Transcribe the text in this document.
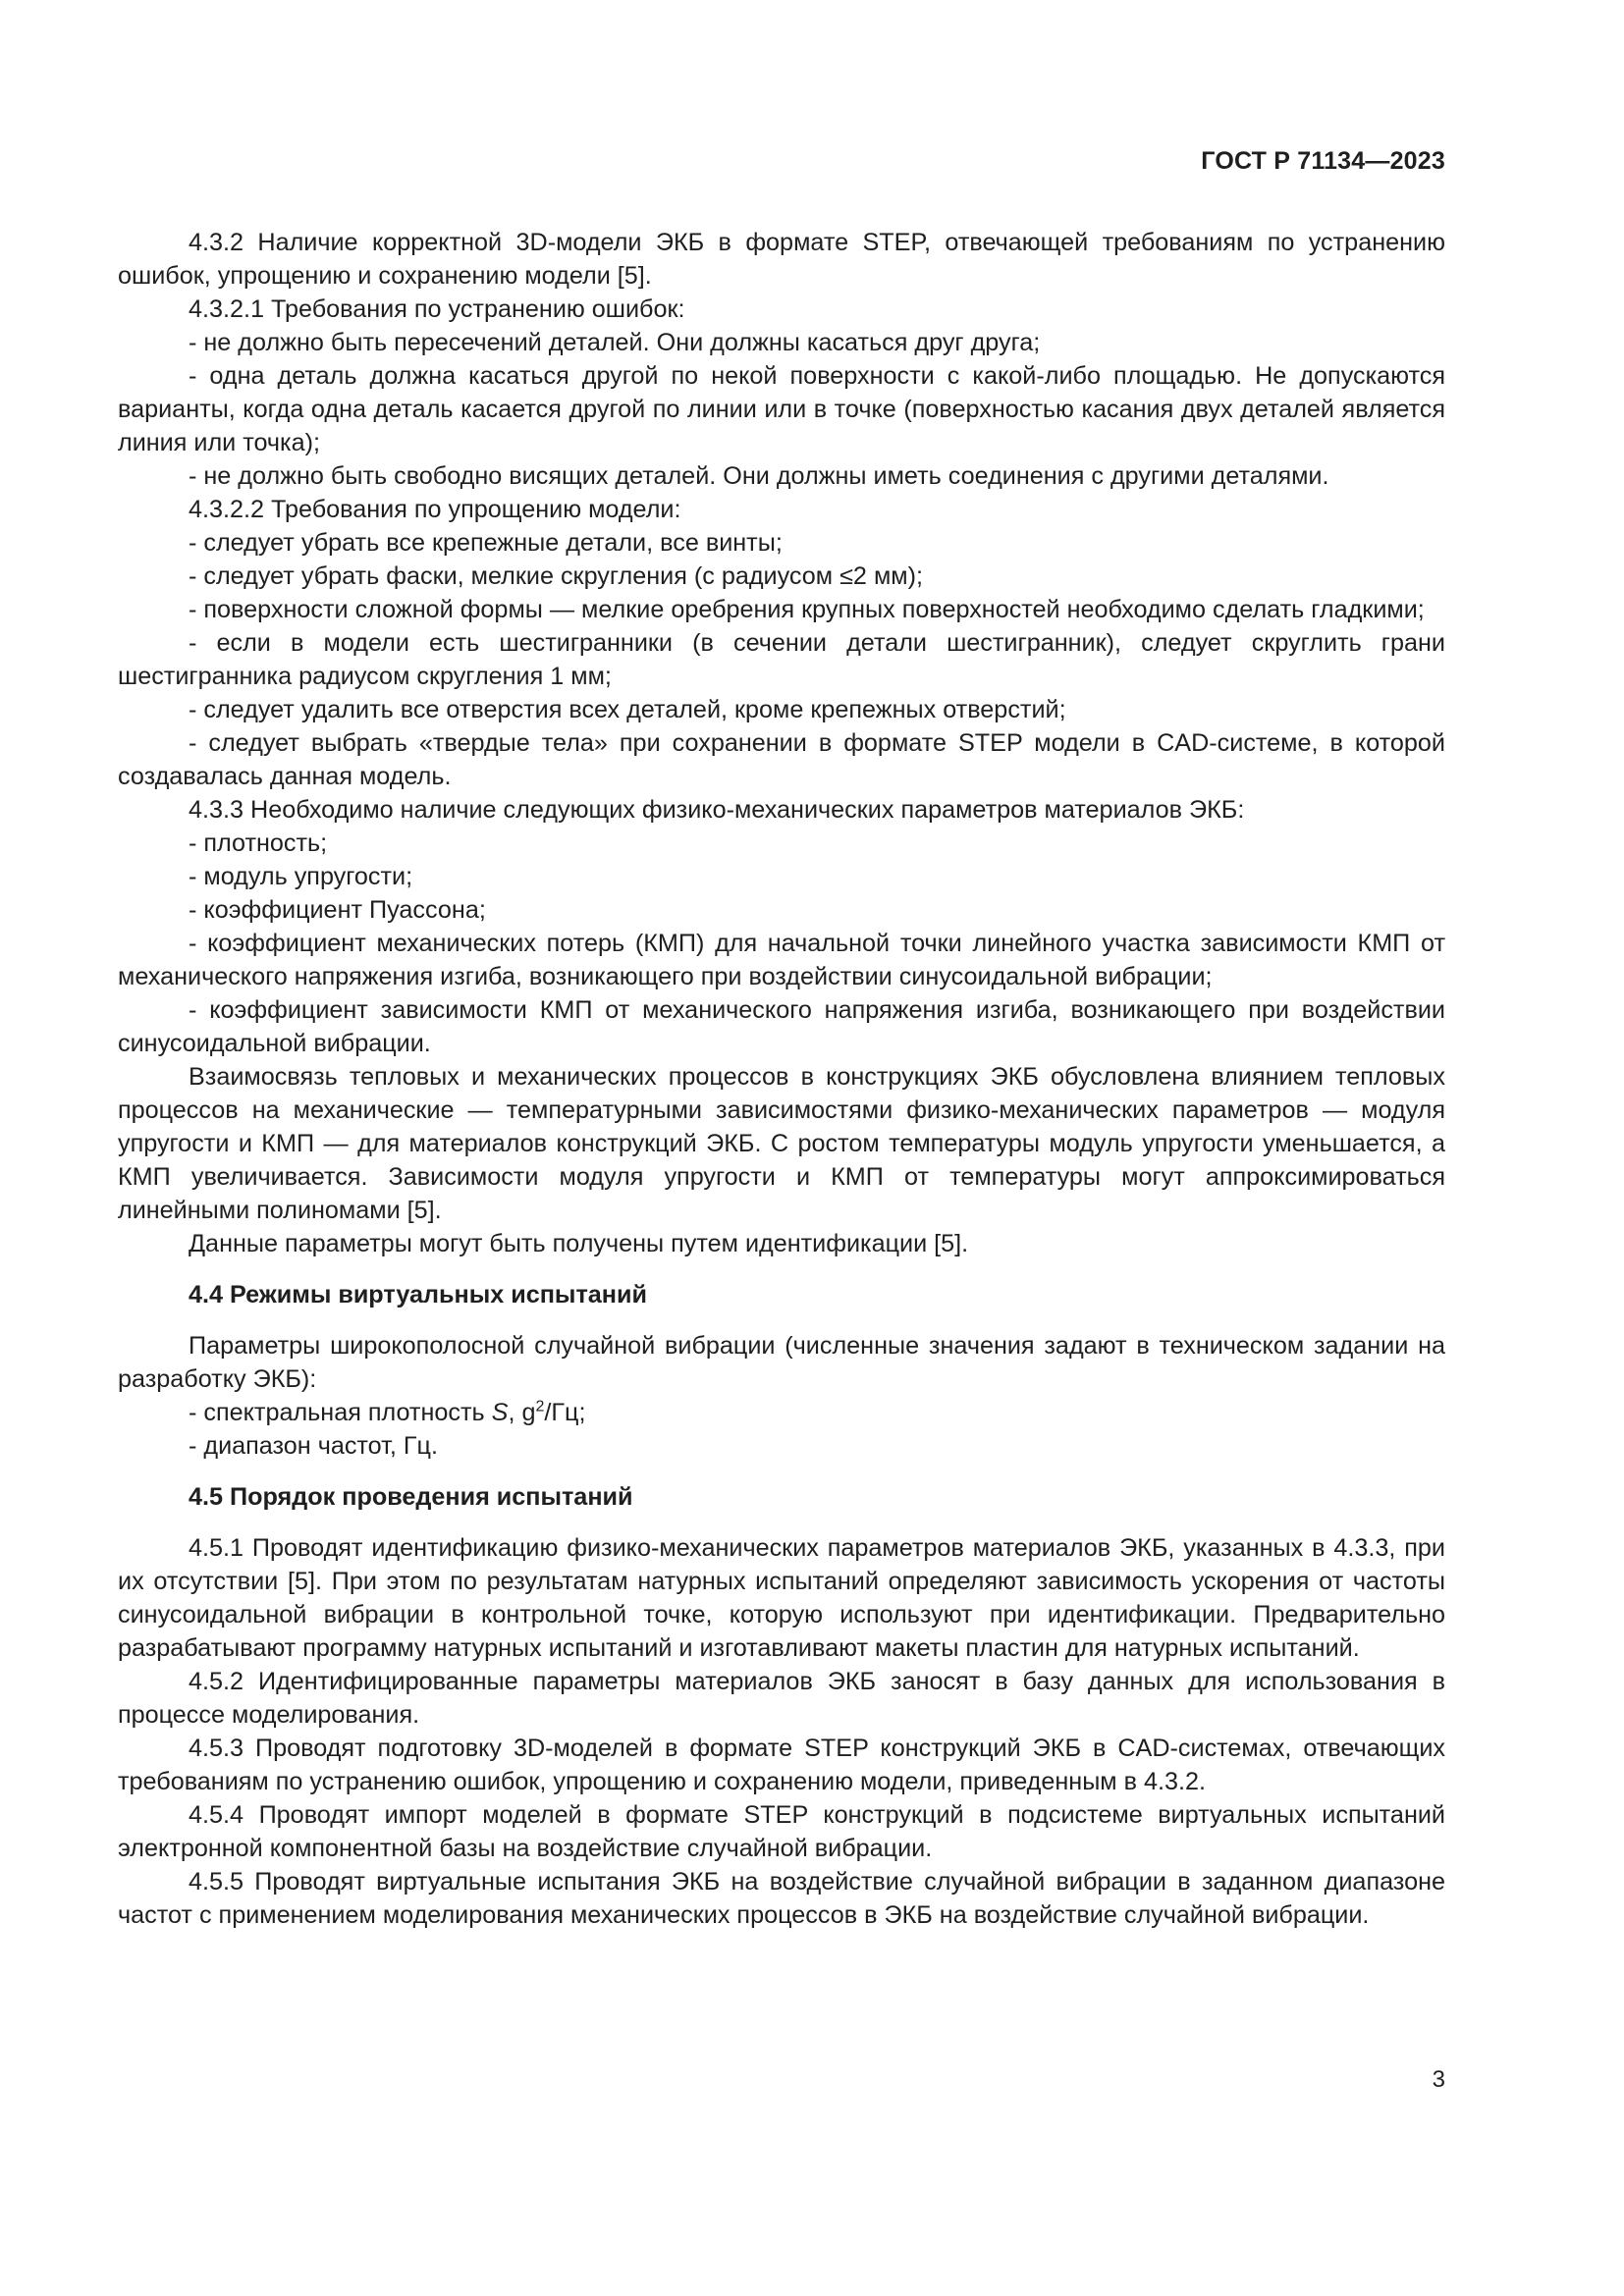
ГОСТ Р 71134—2023

4.3.2 Наличие корректной 3D-модели ЭКБ в формате STEP, отвечающей требованиям по устранению ошибок, упрощению и сохранению модели [5].

4.3.2.1 Требования по устранению ошибок:

- не должно быть пересечений деталей. Они должны касаться друг друга;

- одна деталь должна касаться другой по некой поверхности с какой-либо площадью. Не допускаются варианты, когда одна деталь касается другой по линии или в точке (поверхностью касания двух деталей является линия или точка);

- не должно быть свободно висящих деталей. Они должны иметь соединения с другими деталями.

4.3.2.2 Требования по упрощению модели:

- следует убрать все крепежные детали, все винты;

- следует убрать фаски, мелкие скругления (с радиусом ≤2 мм);

- поверхности сложной формы — мелкие оребрения крупных поверхностей необходимо сделать гладкими;

- если в модели есть шестигранники (в сечении детали шестигранник), следует скруглить грани шестигранника радиусом скругления 1 мм;

- следует удалить все отверстия всех деталей, кроме крепежных отверстий;

- следует выбрать «твердые тела» при сохранении в формате STEP модели в CAD-системе, в которой создавалась данная модель.

4.3.3 Необходимо наличие следующих физико-механических параметров материалов ЭКБ:

- плотность;

- модуль упругости;

- коэффициент Пуассона;

- коэффициент механических потерь (КМП) для начальной точки линейного участка зависимости КМП от механического напряжения изгиба, возникающего при воздействии синусоидальной вибрации;

- коэффициент зависимости КМП от механического напряжения изгиба, возникающего при воздействии синусоидальной вибрации.

Взаимосвязь тепловых и механических процессов в конструкциях ЭКБ обусловлена влиянием тепловых процессов на механические — температурными зависимостями физико-механических параметров — модуля упругости и КМП — для материалов конструкций ЭКБ. С ростом температуры модуль упругости уменьшается, а КМП увеличивается. Зависимости модуля упругости и КМП от температуры могут аппроксимироваться линейными полиномами [5].

Данные параметры могут быть получены путем идентификации [5].

4.4 Режимы виртуальных испытаний

Параметры широкополосной случайной вибрации (численные значения задают в техническом задании на разработку ЭКБ):

- спектральная плотность S, $g^2/Гц$;

- диапазон частот, Гц.

4.5 Порядок проведения испытаний

4.5.1 Проводят идентификацию физико-механических параметров материалов ЭКБ, указанных в 4.3.3, при их отсутствии [5]. При этом по результатам натурных испытаний определяют зависимость ускорения от частоты синусоидальной вибрации в контрольной точке, которую используют при идентификации. Предварительно разрабатывают программу натурных испытаний и изготавливают макеты пластин для натурных испытаний.

4.5.2 Идентифицированные параметры материалов ЭКБ заносят в базу данных для использования в процессе моделирования.

4.5.3 Проводят подготовку 3D-моделей в формате STEP конструкций ЭКБ в CAD-системах, отвечающих требованиям по устранению ошибок, упрощению и сохранению модели, приведенным в 4.3.2.

4.5.4 Проводят импорт моделей в формате STEP конструкций в подсистеме виртуальных испытаний электронной компонентной базы на воздействие случайной вибрации.

4.5.5 Проводят виртуальные испытания ЭКБ на воздействие случайной вибрации в заданном диапазоне частот с применением моделирования механических процессов в ЭКБ на воздействие случайной вибрации.

3
